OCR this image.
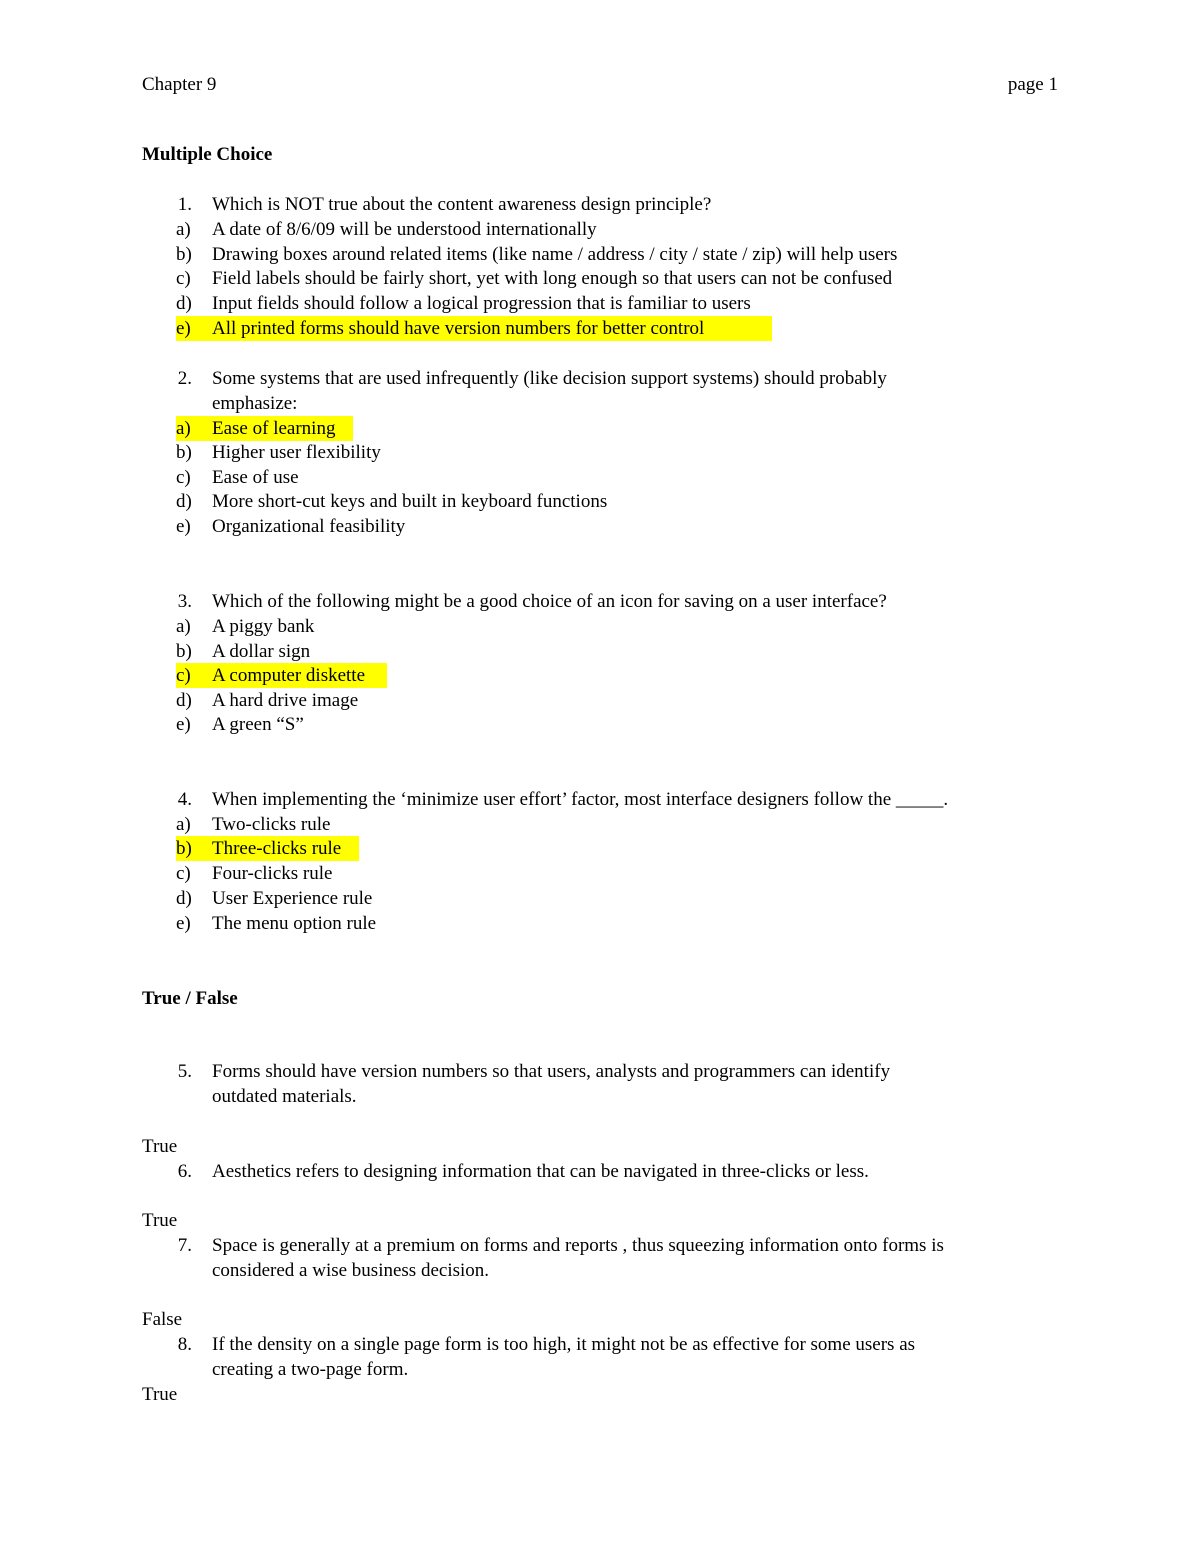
Chapter 9	page 1
Multiple Choice
1. Which is NOT true about the content awareness design principle?
a) A date of 8/6/09 will be understood internationally
b) Drawing boxes around related items (like name / address / city / state / zip) will help users
c) Field labels should be fairly short, yet with long enough so that users can not be confused
d) Input fields should follow a logical progression that is familiar to users
e) All printed forms should have version numbers for better control
2. Some systems that are used infrequently (like decision support systems) should probably
emphasize:
a) Ease of learning
b) Higher user flexibility
c) Ease of use
d) More short-cut keys and built in keyboard functions
e) Organizational feasibility
3. Which of the following might be a good choice of an icon for saving on a user interface?
a) A piggy bank
b) A dollar sign
c) A computer diskette
d) A hard drive image
e) A green “S”
4. When implementing the ‘minimize user effort’ factor, most interface designers follow the _____.
a) Two-clicks rule
b) Three-clicks rule
c) Four-clicks rule
d) User Experience rule
e) The menu option rule
True / False
5. Forms should have version numbers so that users, analysts and programmers can identify
outdated materials.
True
6. Aesthetics refers to designing information that can be navigated in three-clicks or less.
True
7. Space is generally at a premium on forms and reports , thus squeezing information onto forms is
considered a wise business decision.
False
8. If the density on a single page form is too high, it might not be as effective for some users as
creating a two-page form.
True
